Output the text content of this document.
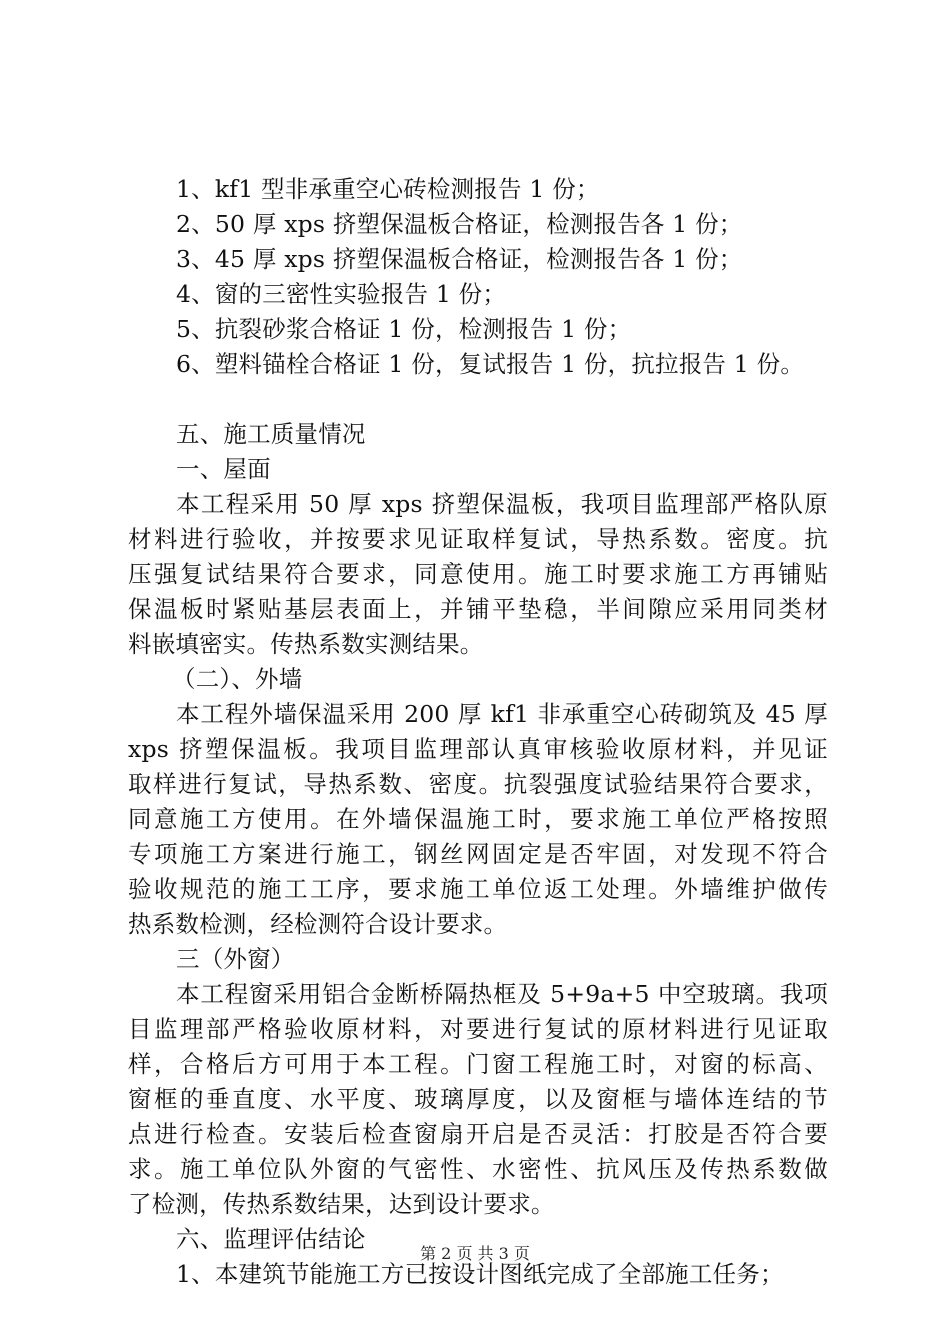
1、kf1 型非承重空心砖检测报告 1 份；
2、50 厚 xps 挤塑保温板合格证，检测报告各 1 份；
3、45 厚 xps 挤塑保温板合格证，检测报告各 1 份；
4、窗的三密性实验报告 1 份；
5、抗裂砂浆合格证 1 份，检测报告 1 份；
6、塑料锚栓合格证 1 份，复试报告 1 份，抗拉报告 1 份。
五、施工质量情况
一、屋面
本工程采用 50 厚 xps 挤塑保温板，我项目监理部严格队原
材料进行验收，并按要求见证取样复试，导热系数。密度。抗
压强复试结果符合要求，同意使用。施工时要求施工方再铺贴
保温板时紧贴基层表面上，并铺平垫稳，半间隙应采用同类材
料嵌填密实。传热系数实测结果。
（二）、外墙
本工程外墙保温采用 200 厚 kf1 非承重空心砖砌筑及 45 厚
xps 挤塑保温板。我项目监理部认真审核验收原材料，并见证
取样进行复试，导热系数、密度。抗裂强度试验结果符合要求，
同意施工方使用。在外墙保温施工时，要求施工单位严格按照
专项施工方案进行施工，钢丝网固定是否牢固，对发现不符合
验收规范的施工工序，要求施工单位返工处理。外墙维护做传
热系数检测，经检测符合设计要求。
三（外窗）
本工程窗采用铝合金断桥隔热框及 5+9a+5 中空玻璃。我项
目监理部严格验收原材料，对要进行复试的原材料进行见证取
样，合格后方可用于本工程。门窗工程施工时，对窗的标高、
窗框的垂直度、水平度、玻璃厚度，以及窗框与墙体连结的节
点进行检查。安装后检查窗扇开启是否灵活：打胶是否符合要
求。施工单位队外窗的气密性、水密性、抗风压及传热系数做
了检测，传热系数结果，达到设计要求。
六、监理评估结论
1、本建筑节能施工方已按设计图纸完成了全部施工任务；
第 2 页 共 3 页
